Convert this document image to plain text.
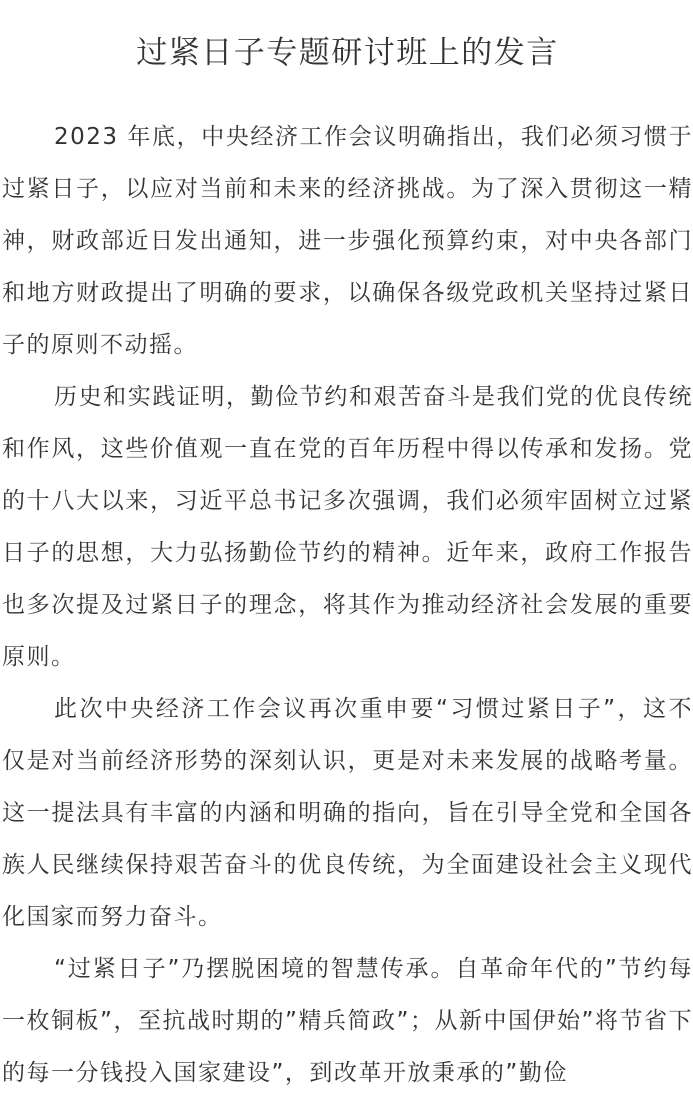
过紧日子专题研讨班上的发言

2023 年底，中央经济工作会议明确指出，我们必须习惯于过紧日子，以应对当前和未来的经济挑战。为了深入贯彻这一精神，财政部近日发出通知，进一步强化预算约束，对中央各部门和地方财政提出了明确的要求，以确保各级党政机关坚持过紧日子的原则不动摇。

历史和实践证明，勤俭节约和艰苦奋斗是我们党的优良传统和作风，这些价值观一直在党的百年历程中得以传承和发扬。党的十八大以来，习近平总书记多次强调，我们必须牢固树立过紧日子的思想，大力弘扬勤俭节约的精神。近年来，政府工作报告也多次提及过紧日子的理念，将其作为推动经济社会发展的重要原则。

此次中央经济工作会议再次重申要“习惯过紧日子”，这不仅是对当前经济形势的深刻认识，更是对未来发展的战略考量。这一提法具有丰富的内涵和明确的指向，旨在引导全党和全国各族人民继续保持艰苦奋斗的优良传统，为全面建设社会主义现代化国家而努力奋斗。

“过紧日子”乃摆脱困境的智慧传承。自革命年代的”节约每一枚铜板”，至抗战时期的”精兵简政”；从新中国伊始”将节省下的每一分钱投入国家建设”，到改革开放秉承的”勤俭
